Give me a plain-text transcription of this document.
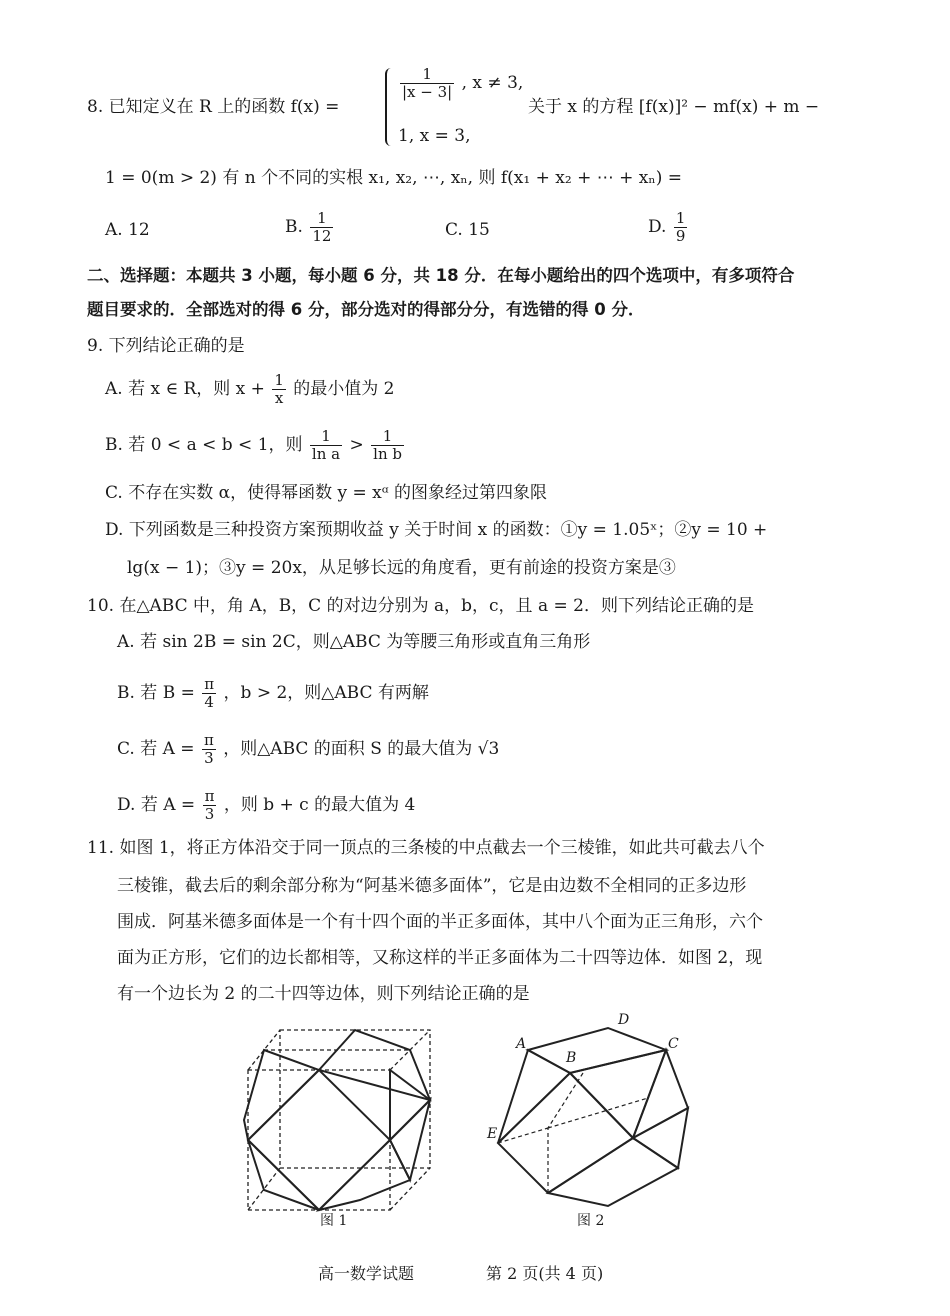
8. 已知定义在 R 上的函数 f(x) =
$\frac{1}{|x - 3|}$ , x ≠ 3,
1, x = 3,
关于 x 的方程 [f(x)]² − mf(x) + m −
1 = 0(m > 2) 有 n 个不同的实根 x₁, x₂, ⋯, xₙ, 则 f(x₁ + x₂ + ⋯ + xₙ) =
A. 12	B. $\frac{1}{12}$	C. 15	D. $\frac{1}{9}$
二、选择题：本题共 3 小题，每小题 6 分，共 18 分．在每小题给出的四个选项中，有多项符合
题目要求的．全部选对的得 6 分，部分选对的得部分分，有选错的得 0 分．
9. 下列结论正确的是
A. 若 x ∈ R，则 $x + \frac{1}{x}$ 的最小值为 2
B. 若 0 < a < b < 1，则 $\frac{1}{\text{ln a}} > \frac{1}{\text{ln b}}$
C. 不存在实数 α，使得幂函数 y = xᵅ 的图象经过第四象限
D. 下列函数是三种投资方案预期收益 y 关于时间 x 的函数：①y = 1.05ˣ；②y = 10 +
lg(x − 1)；③y = 20x，从足够长远的角度看，更有前途的投资方案是③
10. 在△ABC 中，角 A，B，C 的对边分别为 a，b，c，且 a = 2．则下列结论正确的是
A. 若 sin 2B = sin 2C，则△ABC 为等腰三角形或直角三角形
B. 若 $B = \frac{\pi}{4}$ ，b > 2，则△ABC 有两解
C. 若 $A = \frac{\pi}{3}$ ，则△ABC 的面积 S 的最大值为 √3
D. 若 $A = \frac{\pi}{3}$ ，则 b + c 的最大值为 4
11. 如图 1，将正方体沿交于同一顶点的三条棱的中点截去一个三棱锥，如此共可截去八个
三棱锥，截去后的剩余部分称为“阿基米德多面体”，它是由边数不全相同的正多边形
围成．阿基米德多面体是一个有十四个面的半正多面体，其中八个面为正三角形，六个
面为正方形，它们的边长都相等，又称这样的半正多面体为二十四等边体．如图 2，现
有一个边长为 2 的二十四等边体，则下列结论正确的是
图 1
A
B
D
C
E
图 2
高一数学试题	第 2 页(共 4 页)
